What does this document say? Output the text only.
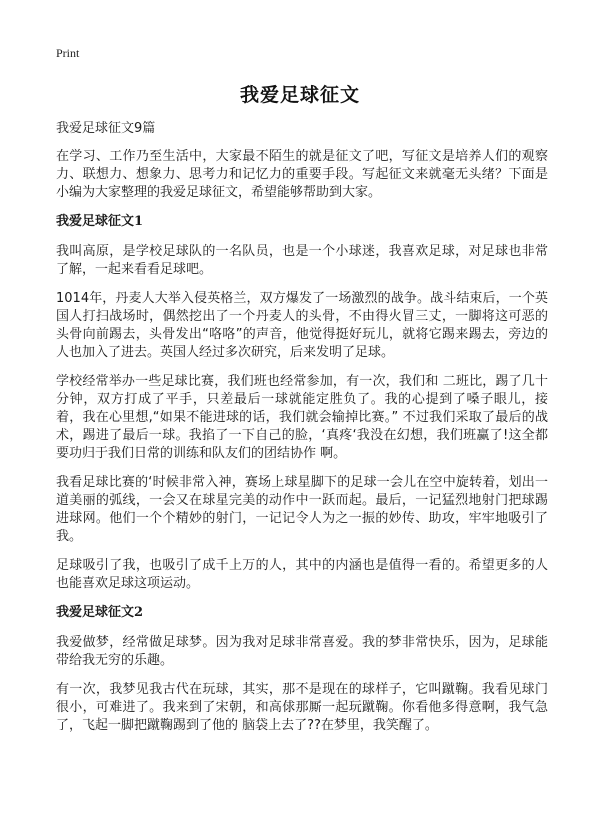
Print
我爱足球征文
我爱足球征文9篇

在学习、工作乃至生活中，大家最不陌生的就是征文了吧，写征文是培养人们的观察力、联想力、想象力、思考力和记忆力的重要手段。写起征文来就毫无头绪？下面是小编为大家整理的我爱足球征文，希望能够帮助到大家。

我爱足球征文1

我叫高原，是学校足球队的一名队员，也是一个小球迷，我喜欢足球，对足球也非常了解，一起来看看足球吧。

1014年，丹麦人大举入侵英格兰，双方爆发了一场激烈的战争。战斗结束后，一个英国人打扫战场时，偶然挖出了一个丹麦人的头骨，不由得火冒三丈，一脚将这可恶的头骨向前踢去，头骨发出“咯咯”的声音，他觉得挺好玩儿，就将它踢来踢去，旁边的人也加入了进去。英国人经过多次研究，后来发明了足球。

学校经常举办一些足球比赛，我们班也经常参加，有一次，我们和 二班比，踢了几十分钟，双方打成了平手，只差最后一球就能定胜负了。我的心提到了嗓子眼儿，接着，我在心里想,“如果不能进球的话，我们就会输掉比赛。” 不过我们采取了最后的战术，踢进了最后一球。我掐了一下自己的脸，‘真疼‘我没在幻想，我们班赢了!这全都要功归于我们日常的训练和队友们的团结协作 啊。

我看足球比赛的‘时候非常入神，赛场上球星脚下的足球一会儿在空中旋转着，划出一道美丽的弧线，一会又在球星完美的动作中一跃而起。最后，一记猛烈地射门把球踢进球网。他们一个个精妙的射门，一记记令人为之一振的妙传、助攻，牢牢地吸引了我。

足球吸引了我，也吸引了成千上万的人，其中的内涵也是值得一看的。希望更多的人也能喜欢足球这项运动。

我爱足球征文2

我爱做梦，经常做足球梦。因为我对足球非常喜爱。我的梦非常快乐，因为，足球能带给我无穷的乐趣。

有一次，我梦见我古代在玩球，其实，那不是现在的球样子，它叫蹴鞠。我看见球门很小，可难进了。我来到了宋朝，和高俅那厮一起玩蹴鞠。你看他多得意啊，我气急了，飞起一脚把蹴鞠踢到了他的 脑袋上去了??在梦里，我笑醒了。
